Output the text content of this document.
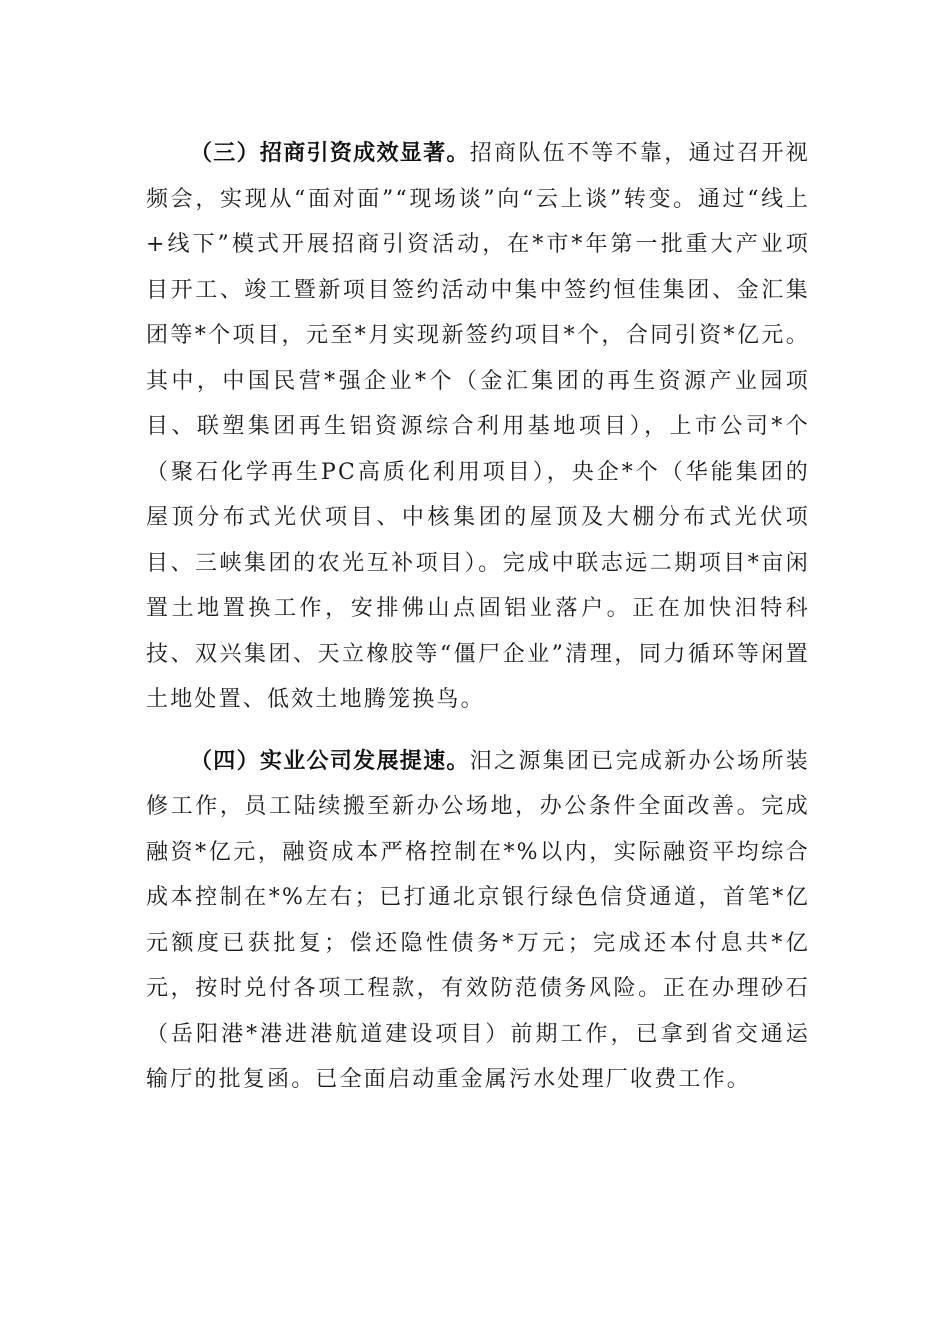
（三）招商引资成效显著。招商队伍不等不靠，通过召开视频会，实现从“面对面”“现场谈”向“云上谈”转变。通过“线上+线下”模式开展招商引资活动，在*市*年第一批重大产业项目开工、竣工暨新项目签约活动中集中签约恒佳集团、金汇集团等*个项目，元至*月实现新签约项目*个，合同引资*亿元。其中，中国民营*强企业*个（金汇集团的再生资源产业园项目、联塑集团再生铝资源综合利用基地项目），上市公司*个（聚石化学再生PC高质化利用项目），央企*个（华能集团的屋顶分布式光伏项目、中核集团的屋顶及大棚分布式光伏项目、三峡集团的农光互补项目）。完成中联志远二期项目*亩闲置土地置换工作，安排佛山点固铝业落户。正在加快汨特科技、双兴集团、天立橡胶等“僵尸企业”清理，同力循环等闲置土地处置、低效土地腾笼换鸟。

（四）实业公司发展提速。汨之源集团已完成新办公场所装修工作，员工陆续搬至新办公场地，办公条件全面改善。完成融资*亿元，融资成本严格控制在*%以内，实际融资平均综合成本控制在*%左右；已打通北京银行绿色信贷通道，首笔*亿元额度已获批复；偿还隐性债务*万元；完成还本付息共*亿元，按时兑付各项工程款，有效防范债务风险。正在办理砂石（岳阳港*港进港航道建设项目）前期工作，已拿到省交通运输厅的批复函。已全面启动重金属污水处理厂收费工作。
